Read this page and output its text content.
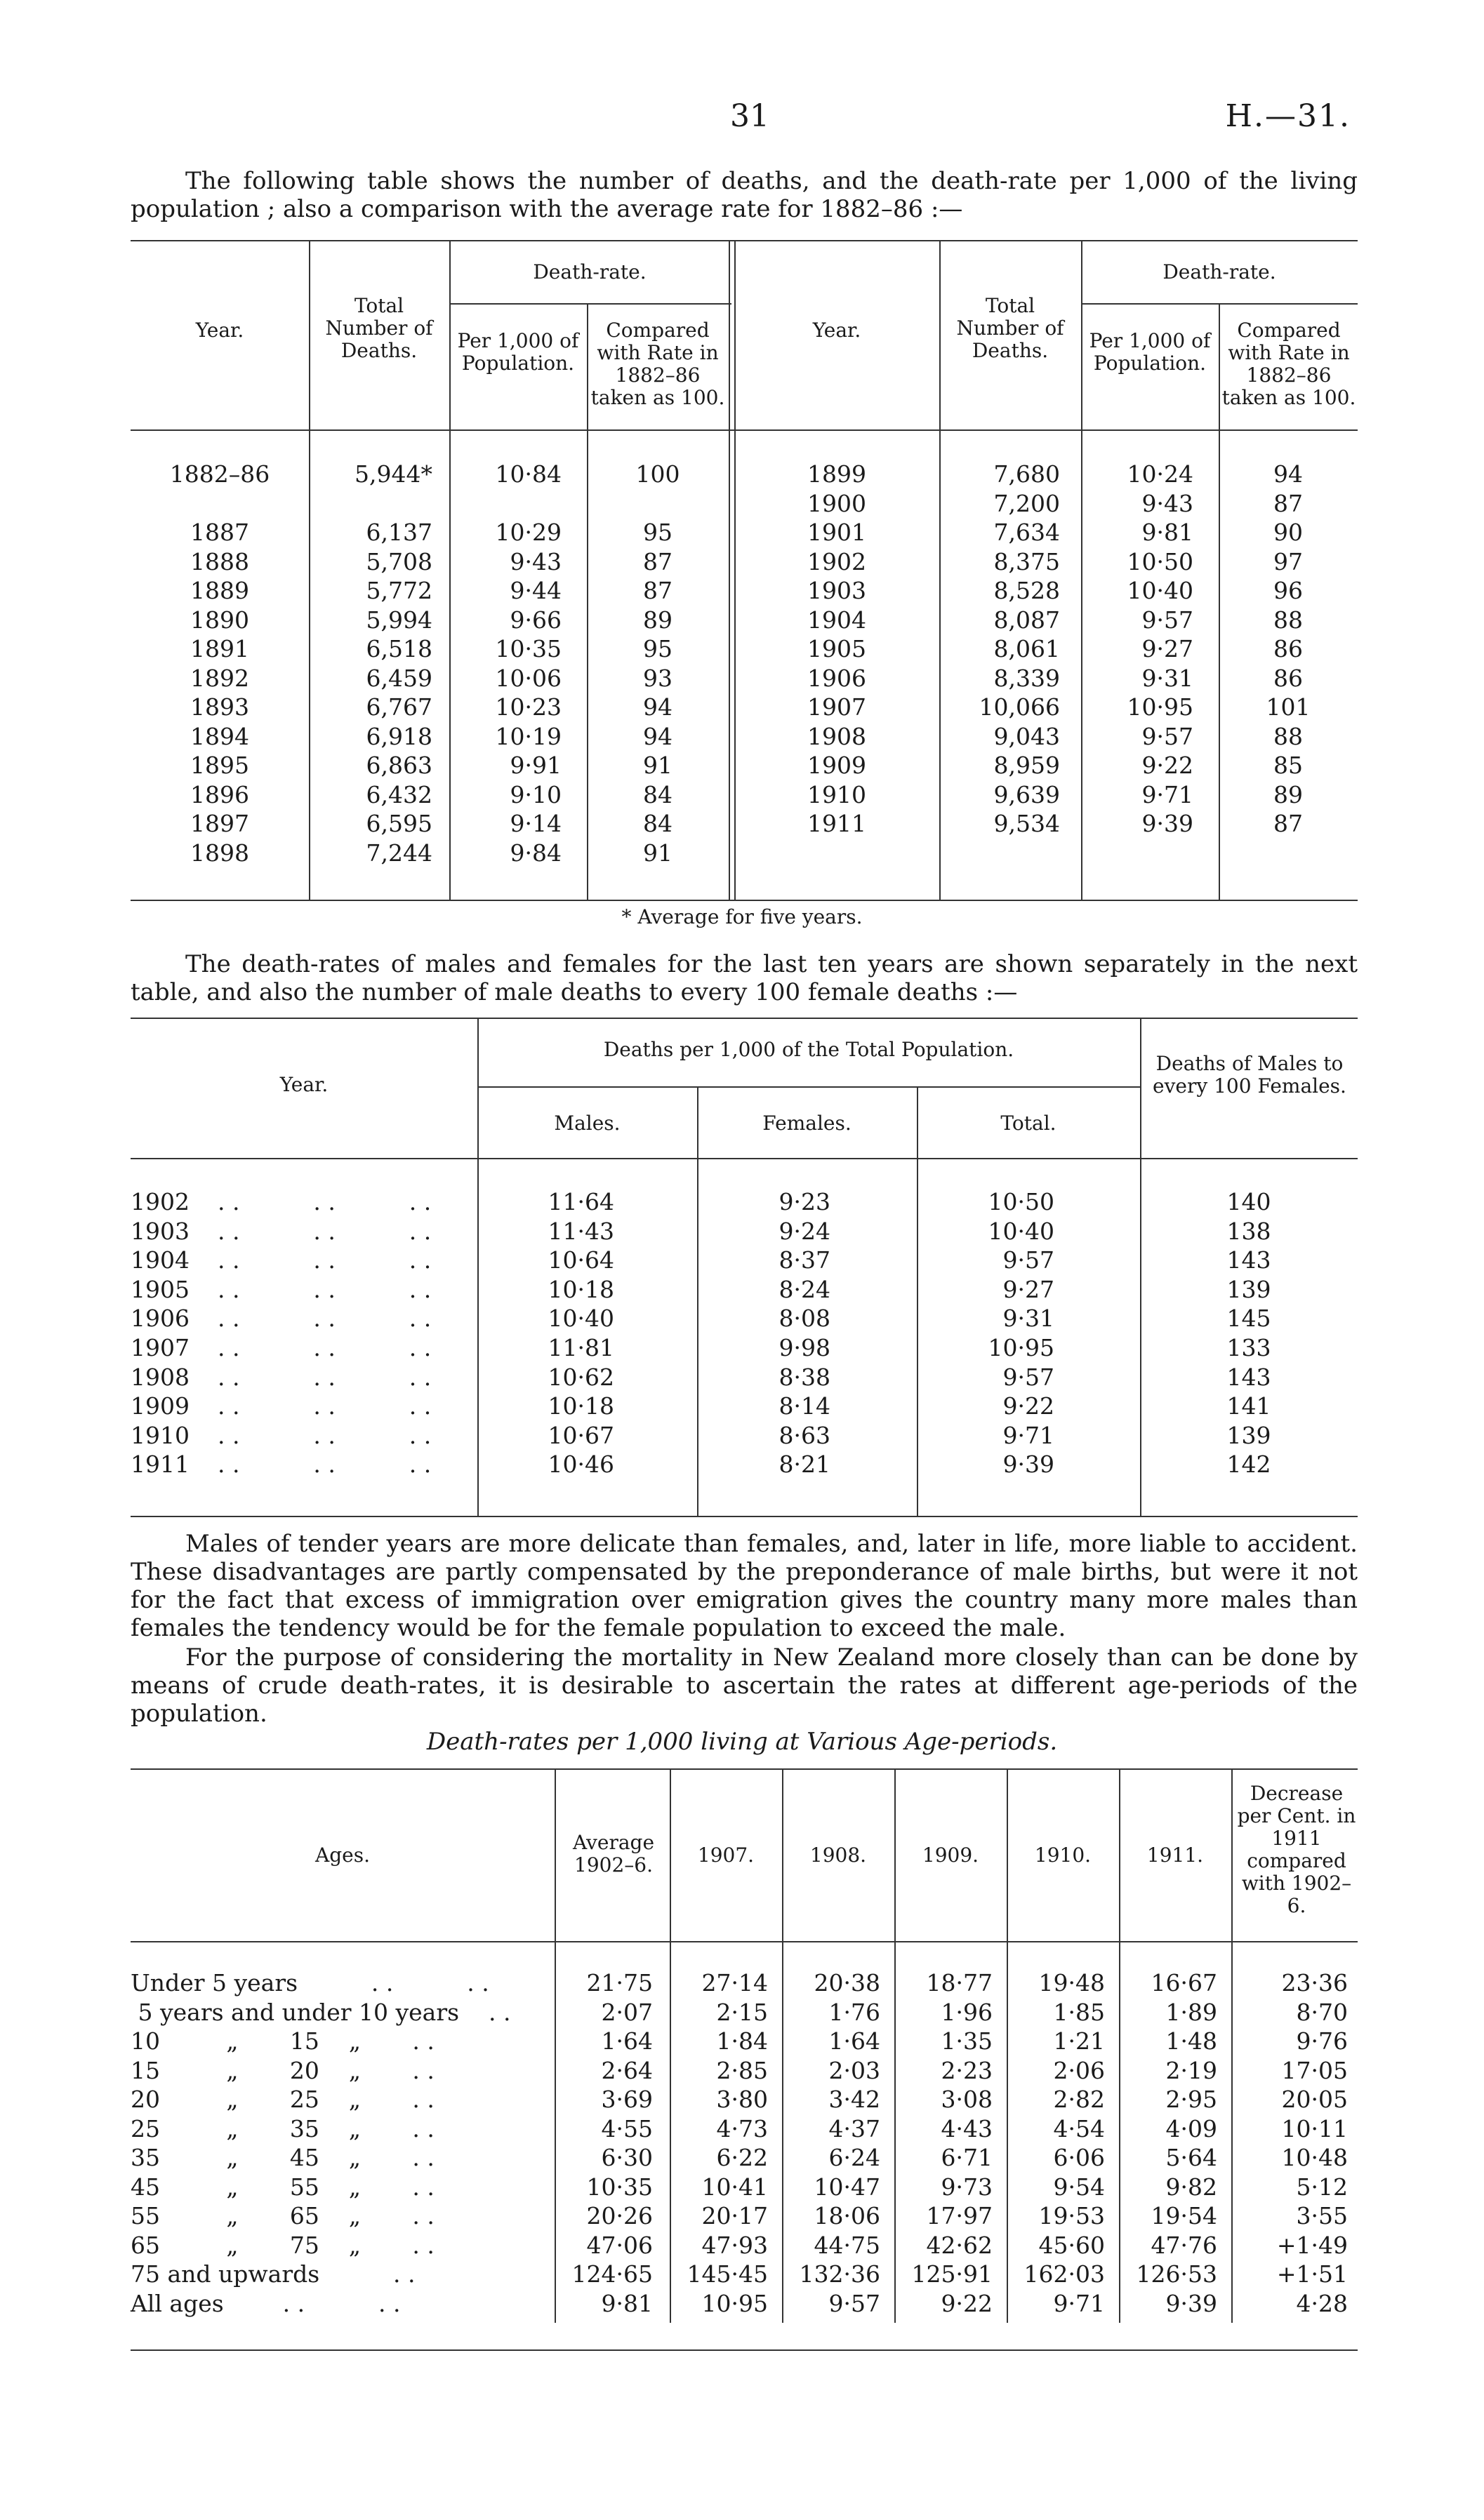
31	H.—31.
The following table shows the number of deaths, and the death-rate per 1,000 of the living population ; also a comparison with the average rate for 1882–86 :—
Year.
Total Number of Deaths.
Death-rate.
Per 1,000 of Population.
Compared with Rate in 1882–86 taken as 100.
Year.
Total Number of Deaths.
Death-rate.
Per 1,000 of Population.
Compared with Rate in 1882–86 taken as 100.
1882–86	5,944*	10·84	100
1887	6,137	10·29	95
1888	5,708	9·43	87
1889	5,772	9·44	87
1890	5,994	9·66	89
1891	6,518	10·35	95
1892	6,459	10·06	93
1893	6,767	10·23	94
1894	6,918	10·19	94
1895	6,863	9·91	91
1896	6,432	9·10	84
1897	6,595	9·14	84
1898	7,244	9·84	91
1899	7,680	10·24	94
1900	7,200	9·43	87
1901	7,634	9·81	90
1902	8,375	10·50	97
1903	8,528	10·40	96
1904	8,087	9·57	88
1905	8,061	9·27	86
1906	8,339	9·31	86
1907	10,066	10·95	101
1908	9,043	9·57	88
1909	8,959	9·22	85
1910	9,639	9·71	89
1911	9,534	9·39	87
* Average for five years.
The death-rates of males and females for the last ten years are shown separately in the next table, and also the number of male deaths to every 100 female deaths :—
Year.
Deaths per 1,000 of the Total Population.
Males.	Females.	Total.
Deaths of Males to every 100 Females.
1902	. .          . .          . .	11·64	9·23	10·50	140
1903	. .          . .          . .	11·43	9·24	10·40	138
1904	. .          . .          . .	10·64	8·37	9·57	143
1905	. .          . .          . .	10·18	8·24	9·27	139
1906	. .          . .          . .	10·40	8·08	9·31	145
1907	. .          . .          . .	11·81	9·98	10·95	133
1908	. .          . .          . .	10·62	8·38	9·57	143
1909	. .          . .          . .	10·18	8·14	9·22	141
1910	. .          . .          . .	10·67	8·63	9·71	139
1911	. .          . .          . .	10·46	8·21	9·39	142
Males of tender years are more delicate than females, and, later in life, more liable to accident. These disadvantages are partly compensated by the preponderance of male births, but were it not for the fact that excess of immigration over emigration gives the country many more males than females the tendency would be for the female population to exceed the male.
For the purpose of considering the mortality in New Zealand more closely than can be done by means of crude death-rates, it is desirable to ascertain the rates at different age-periods of the population.
Death-rates per 1,000 living at Various Age-periods.
Ages.
Average 1902–6.	1907.	1908.	1909.	1910.	1911.
Decrease per Cent. in 1911 compared with 1902–6.
Under 5 years          . .          . .	21·75	27·14	20·38	18·77	19·48	16·67	23·36
5 years and under 10 years    . .	2·07	2·15	1·76	1·96	1·85	1·89	8·70
10         „       15    „       . .	1·64	1·84	1·64	1·35	1·21	1·48	9·76
15         „       20    „       . .	2·64	2·85	2·03	2·23	2·06	2·19	17·05
20         „       25    „       . .	3·69	3·80	3·42	3·08	2·82	2·95	20·05
25         „       35    „       . .	4·55	4·73	4·37	4·43	4·54	4·09	10·11
35         „       45    „       . .	6·30	6·22	6·24	6·71	6·06	5·64	10·48
45         „       55    „       . .	10·35	10·41	10·47	9·73	9·54	9·82	5·12
55         „       65    „       . .	20·26	20·17	18·06	17·97	19·53	19·54	3·55
65         „       75    „       . .	47·06	47·93	44·75	42·62	45·60	47·76	+1·49
75 and upwards          . .	124·65	145·45	132·36	125·91	162·03	126·53	+1·51
All ages        . .          . .	9·81	10·95	9·57	9·22	9·71	9·39	4·28
